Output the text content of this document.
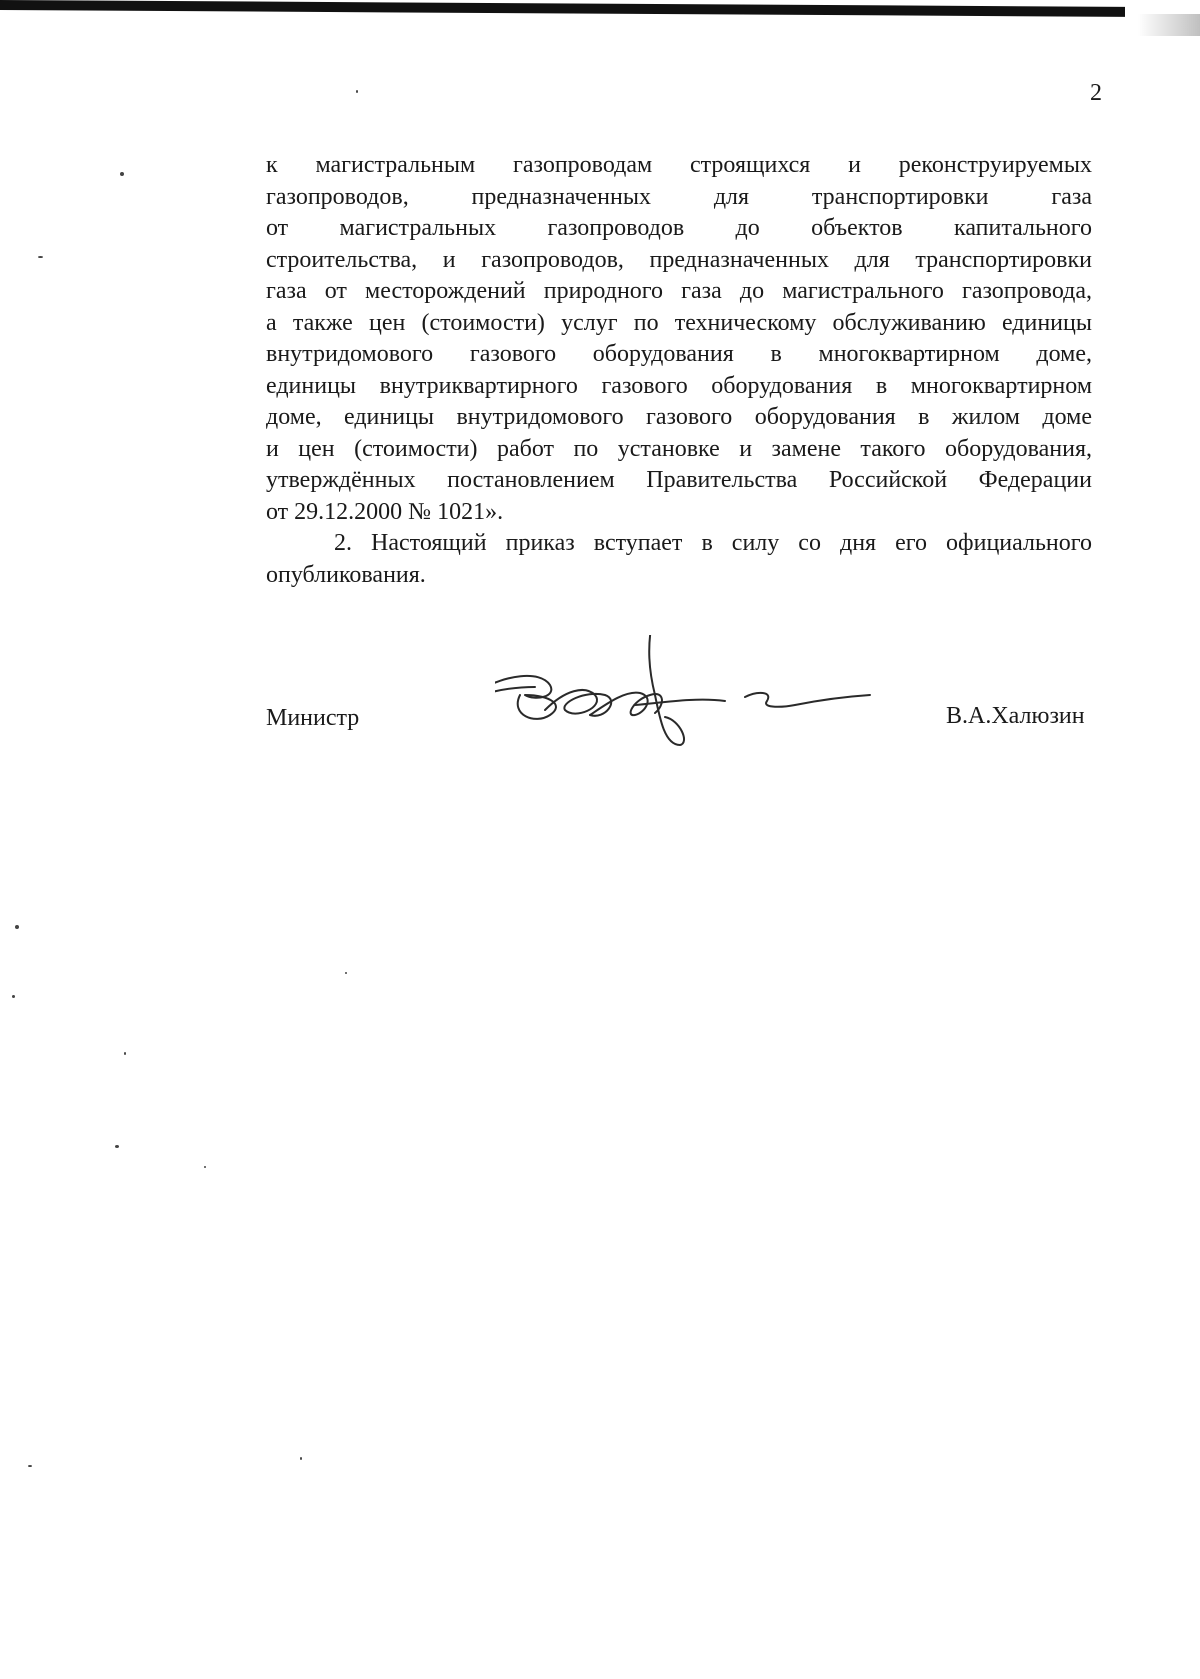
2

к магистральным газопроводам строящихся и реконструируемых
газопроводов, предназначенных для транспортировки газа
от магистральных газопроводов до объектов капитального
строительства, и газопроводов, предназначенных для транспортировки
газа от месторождений природного газа до магистрального газопровода,
а также цен (стоимости) услуг по техническому обслуживанию единицы
внутридомового газового оборудования в многоквартирном доме,
единицы внутриквартирного газового оборудования в многоквартирном
доме, единицы внутридомового газового оборудования в жилом доме
и цен (стоимости) работ по установке и замене такого оборудования,
утверждённых постановлением Правительства Российской Федерации
от 29.12.2000 № 1021».

2. Настоящий приказ вступает в силу со дня его официального

опубликования.

Министр	В.А.Халюзин
